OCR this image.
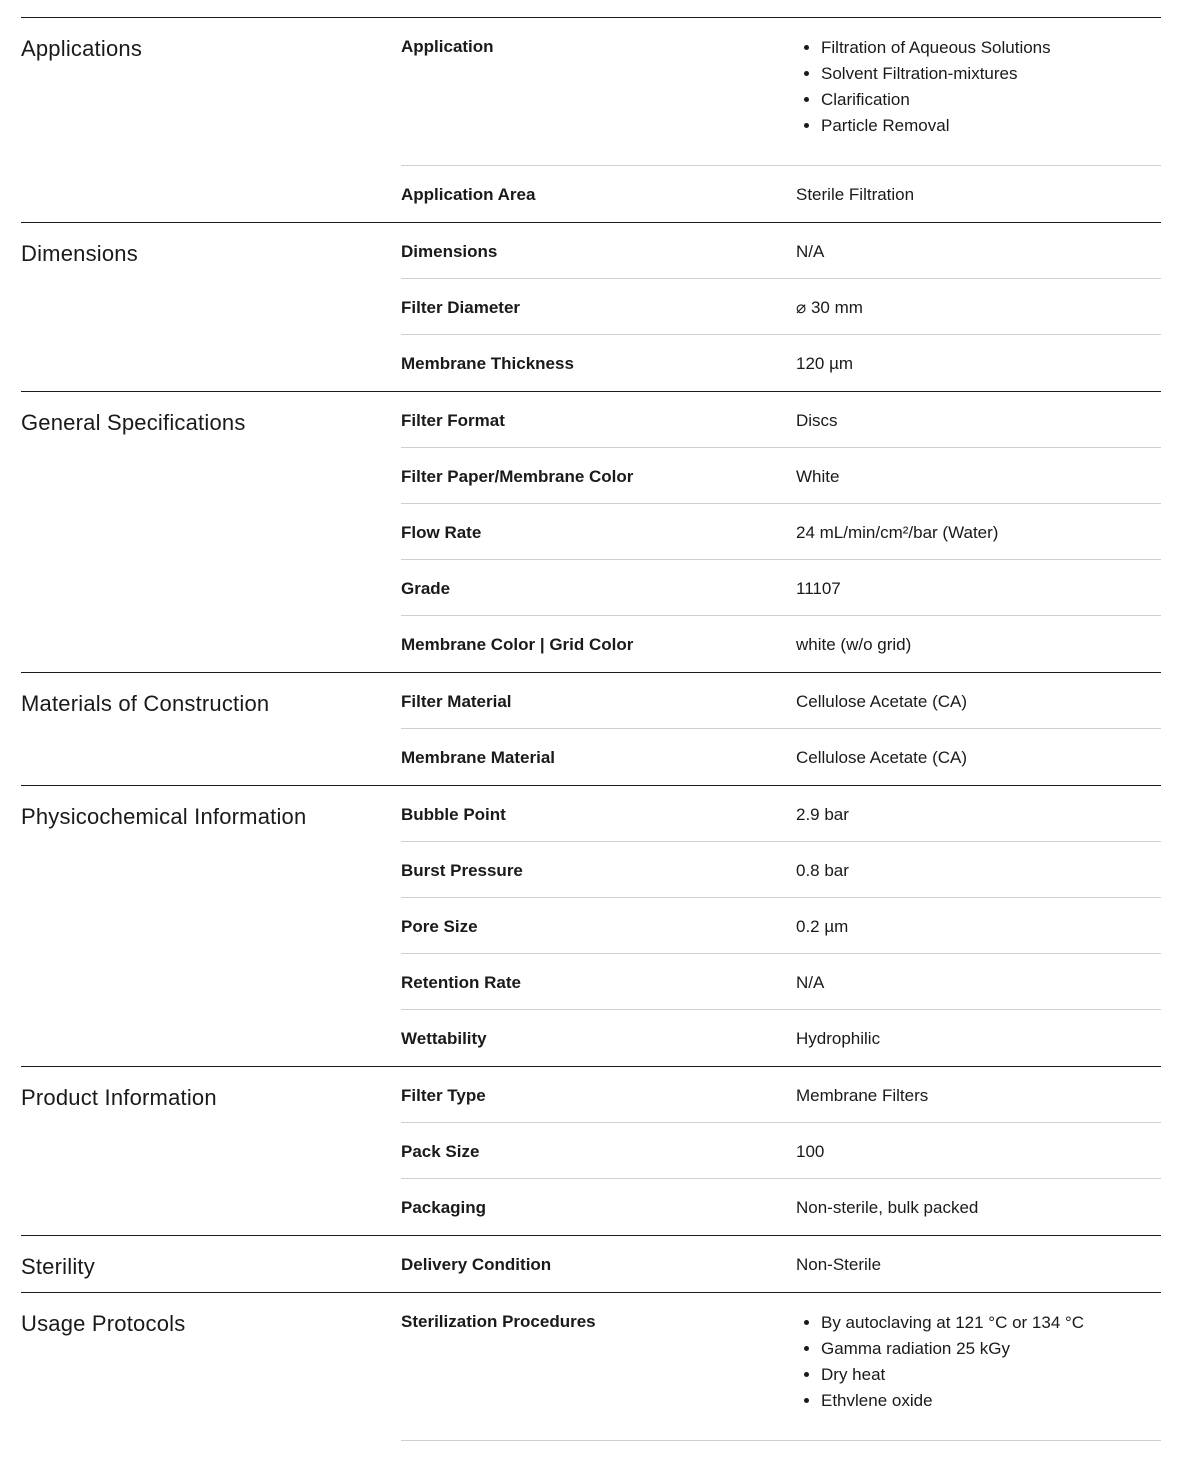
Applications	Application	• Filtration of Aqueous Solutions
• Solvent Filtration-mixtures
• Clarification
• Particle Removal
Application Area	Sterile Filtration
Dimensions	Dimensions	N/A
Filter Diameter	⌀ 30 mm
Membrane Thickness	120 µm
General Specifications	Filter Format	Discs
Filter Paper/Membrane Color	White
Flow Rate	24 mL/min/cm²/bar (Water)
Grade	11107
Membrane Color | Grid Color	white (w/o grid)
Materials of Construction	Filter Material	Cellulose Acetate (CA)
Membrane Material	Cellulose Acetate (CA)
Physicochemical Information	Bubble Point	2.9 bar
Burst Pressure	0.8 bar
Pore Size	0.2 µm
Retention Rate	N/A
Wettability	Hydrophilic
Product Information	Filter Type	Membrane Filters
Pack Size	100
Packaging	Non-sterile, bulk packed
Sterility	Delivery Condition	Non-Sterile
Usage Protocols	Sterilization Procedures	• By autoclaving at 121 °C or 134 °C
• Gamma radiation 25 kGy
• Dry heat
• Ethvlene oxide
